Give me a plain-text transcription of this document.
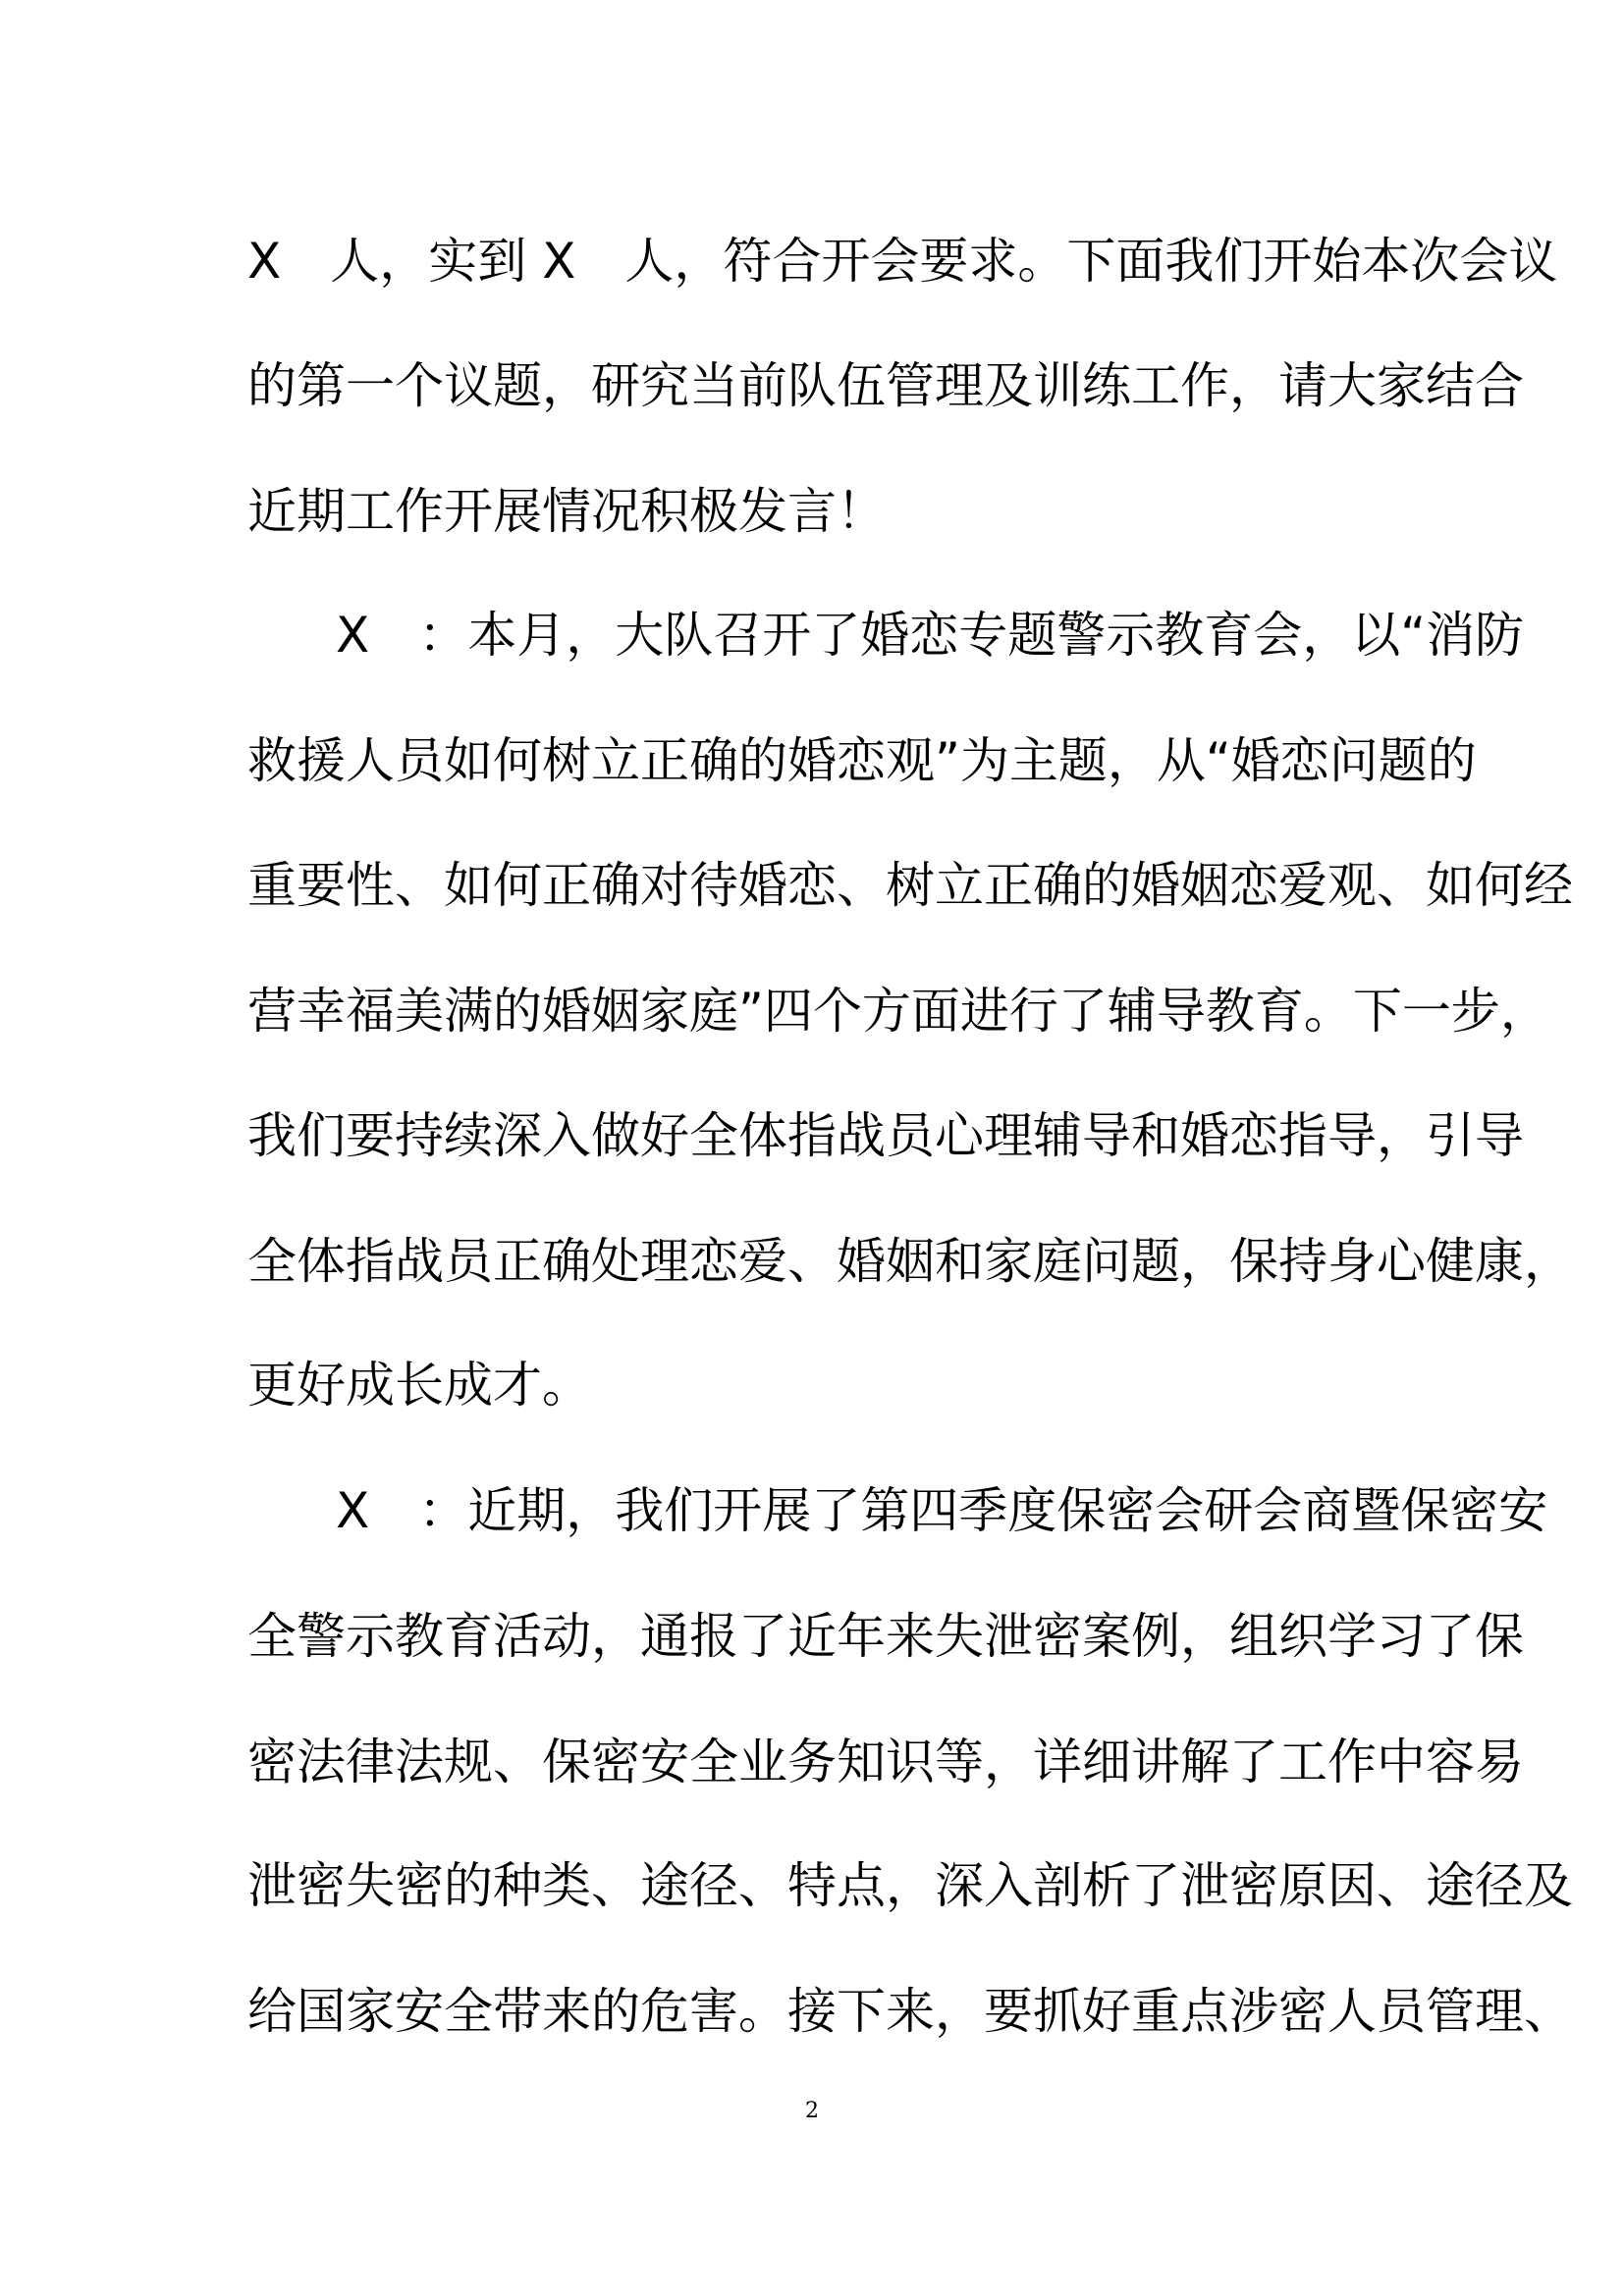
X　人，实到 X　人，符合开会要求。下面我们开始本次会议
的第一个议题，研究当前队伍管理及训练工作，请大家结合
近期工作开展情况积极发言！
X　：本月，大队召开了婚恋专题警示教育会，以“消防
救援人员如何树立正确的婚恋观”为主题，从“婚恋问题的
重要性、如何正确对待婚恋、树立正确的婚姻恋爱观、如何经
营幸福美满的婚姻家庭”四个方面进行了辅导教育。下一步，
我们要持续深入做好全体指战员心理辅导和婚恋指导，引导
全体指战员正确处理恋爱、婚姻和家庭问题，保持身心健康，
更好成长成才。
X　：近期，我们开展了第四季度保密会研会商暨保密安
全警示教育活动，通报了近年来失泄密案例，组织学习了保
密法律法规、保密安全业务知识等，详细讲解了工作中容易
泄密失密的种类、途径、特点，深入剖析了泄密原因、途径及
给国家安全带来的危害。接下来，要抓好重点涉密人员管理、
2
